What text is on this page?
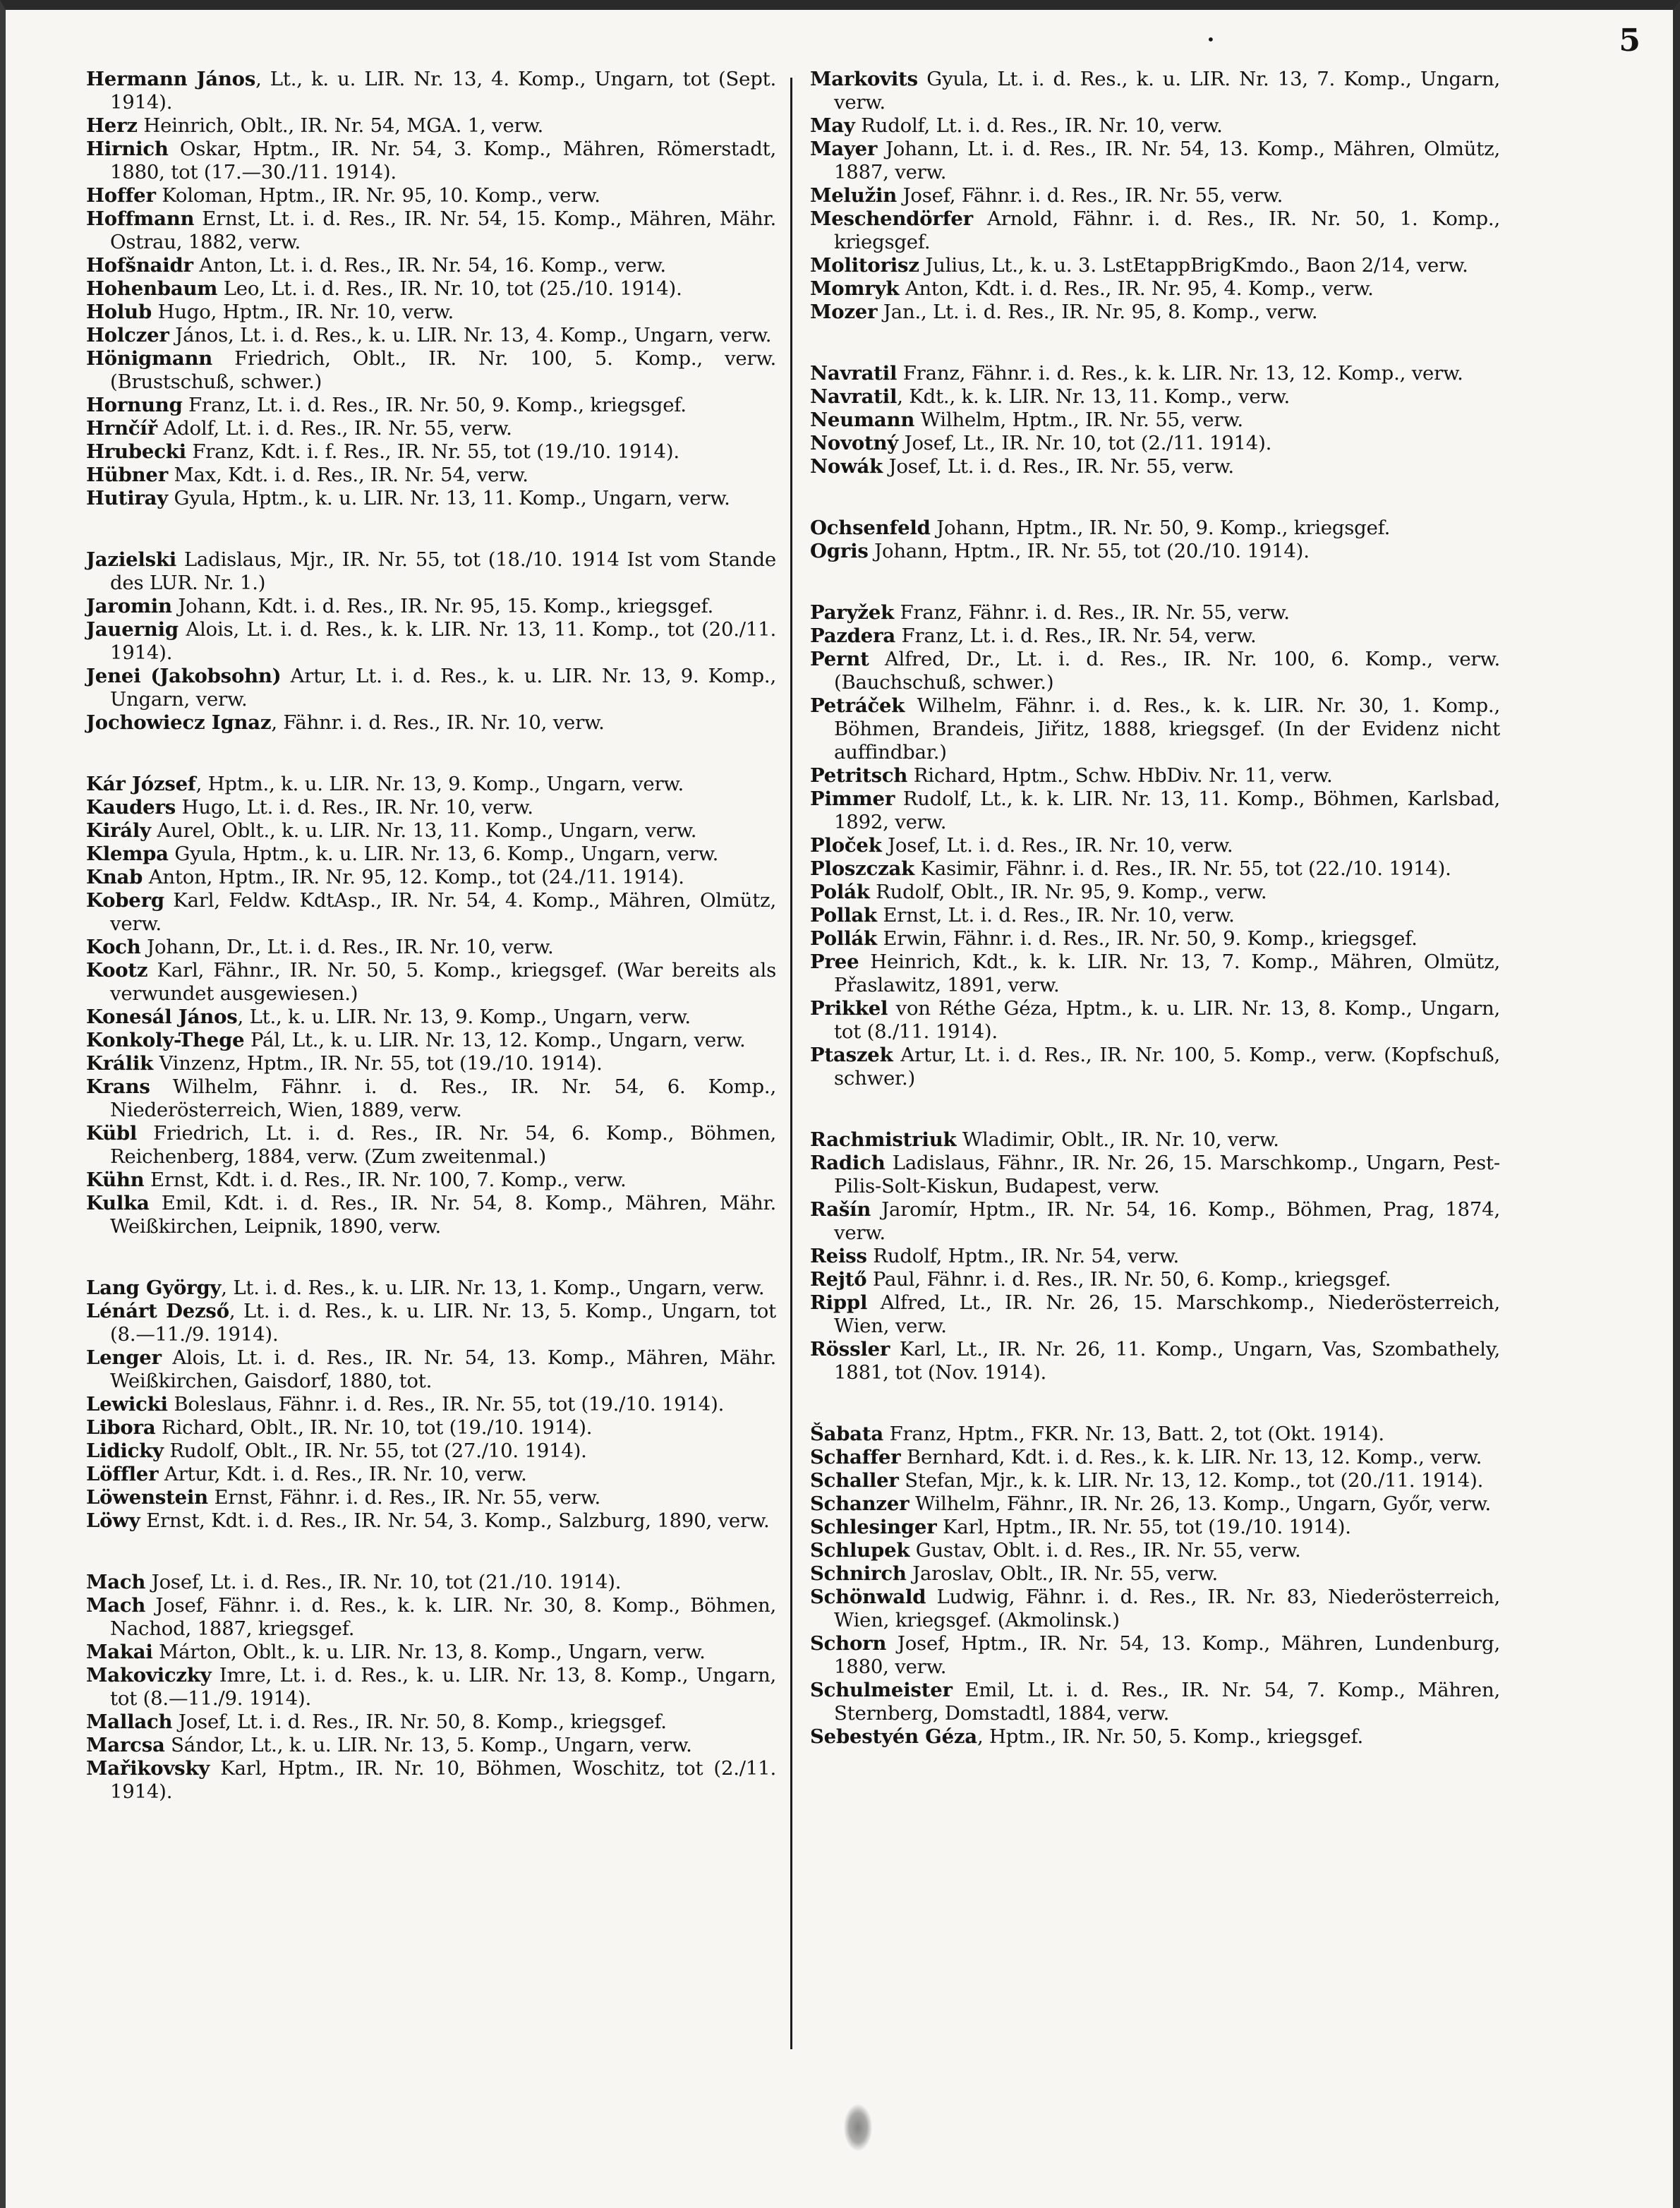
•	5
Hermann János, Lt., k. u. LIR. Nr. 13, 4. Komp., Ungarn, tot (Sept. 1914).
Herz Heinrich, Oblt., IR. Nr. 54, MGA. 1, verw.
Hirnich Oskar, Hptm., IR. Nr. 54, 3. Komp., Mähren, Römerstadt, 1880, tot (17.—30./11. 1914).
Hoffer Koloman, Hptm., IR. Nr. 95, 10. Komp., verw.
Hoffmann Ernst, Lt. i. d. Res., IR. Nr. 54, 15. Komp., Mähren, Mähr. Ostrau, 1882, verw.
Hofšnaidr Anton, Lt. i. d. Res., IR. Nr. 54, 16. Komp., verw.
Hohenbaum Leo, Lt. i. d. Res., IR. Nr. 10, tot (25./10. 1914).
Holub Hugo, Hptm., IR. Nr. 10, verw.
Holczer János, Lt. i. d. Res., k. u. LIR. Nr. 13, 4. Komp., Ungarn, verw.
Hönigmann Friedrich, Oblt., IR. Nr. 100, 5. Komp., verw. (Brustschuß, schwer.)
Hornung Franz, Lt. i. d. Res., IR. Nr. 50, 9. Komp., kriegsgef.
Hrnčíř Adolf, Lt. i. d. Res., IR. Nr. 55, verw.
Hrubecki Franz, Kdt. i. f. Res., IR. Nr. 55, tot (19./10. 1914).
Hübner Max, Kdt. i. d. Res., IR. Nr. 54, verw.
Hutiray Gyula, Hptm., k. u. LIR. Nr. 13, 11. Komp., Ungarn, verw.
Jazielski Ladislaus, Mjr., IR. Nr. 55, tot (18./10. 1914 Ist vom Stande des LUR. Nr. 1.)
Jaromin Johann, Kdt. i. d. Res., IR. Nr. 95, 15. Komp., kriegsgef.
Jauernig Alois, Lt. i. d. Res., k. k. LIR. Nr. 13, 11. Komp., tot (20./11. 1914).
Jenei (Jakobsohn) Artur, Lt. i. d. Res., k. u. LIR. Nr. 13, 9. Komp., Ungarn, verw.
Jochowiecz Ignaz, Fähnr. i. d. Res., IR. Nr. 10, verw.
Kár József, Hptm., k. u. LIR. Nr. 13, 9. Komp., Ungarn, verw.
Kauders Hugo, Lt. i. d. Res., IR. Nr. 10, verw.
Király Aurel, Oblt., k. u. LIR. Nr. 13, 11. Komp., Ungarn, verw.
Klempa Gyula, Hptm., k. u. LIR. Nr. 13, 6. Komp., Ungarn, verw.
Knab Anton, Hptm., IR. Nr. 95, 12. Komp., tot (24./11. 1914).
Koberg Karl, Feldw. KdtAsp., IR. Nr. 54, 4. Komp., Mähren, Olmütz, verw.
Koch Johann, Dr., Lt. i. d. Res., IR. Nr. 10, verw.
Kootz Karl, Fähnr., IR. Nr. 50, 5. Komp., kriegsgef. (War bereits als verwundet ausgewiesen.)
Konesál János, Lt., k. u. LIR. Nr. 13, 9. Komp., Ungarn, verw.
Konkoly-Thege Pál, Lt., k. u. LIR. Nr. 13, 12. Komp., Ungarn, verw.
Králik Vinzenz, Hptm., IR. Nr. 55, tot (19./10. 1914).
Krans Wilhelm, Fähnr. i. d. Res., IR. Nr. 54, 6. Komp., Niederösterreich, Wien, 1889, verw.
Kübl Friedrich, Lt. i. d. Res., IR. Nr. 54, 6. Komp., Böhmen, Reichenberg, 1884, verw. (Zum zweitenmal.)
Kühn Ernst, Kdt. i. d. Res., IR. Nr. 100, 7. Komp., verw.
Kulka Emil, Kdt. i. d. Res., IR. Nr. 54, 8. Komp., Mähren, Mähr. Weißkirchen, Leipnik, 1890, verw.
Lang György, Lt. i. d. Res., k. u. LIR. Nr. 13, 1. Komp., Ungarn, verw.
Lénárt Dezső, Lt. i. d. Res., k. u. LIR. Nr. 13, 5. Komp., Ungarn, tot (8.—11./9. 1914).
Lenger Alois, Lt. i. d. Res., IR. Nr. 54, 13. Komp., Mähren, Mähr. Weißkirchen, Gaisdorf, 1880, tot.
Lewicki Boleslaus, Fähnr. i. d. Res., IR. Nr. 55, tot (19./10. 1914).
Libora Richard, Oblt., IR. Nr. 10, tot (19./10. 1914).
Lidicky Rudolf, Oblt., IR. Nr. 55, tot (27./10. 1914).
Löffler Artur, Kdt. i. d. Res., IR. Nr. 10, verw.
Löwenstein Ernst, Fähnr. i. d. Res., IR. Nr. 55, verw.
Löwy Ernst, Kdt. i. d. Res., IR. Nr. 54, 3. Komp., Salzburg, 1890, verw.
Mach Josef, Lt. i. d. Res., IR. Nr. 10, tot (21./10. 1914).
Mach Josef, Fähnr. i. d. Res., k. k. LIR. Nr. 30, 8. Komp., Böhmen, Nachod, 1887, kriegsgef.
Makai Márton, Oblt., k. u. LIR. Nr. 13, 8. Komp., Ungarn, verw.
Makoviczky Imre, Lt. i. d. Res., k. u. LIR. Nr. 13, 8. Komp., Ungarn, tot (8.—11./9. 1914).
Mallach Josef, Lt. i. d. Res., IR. Nr. 50, 8. Komp., kriegsgef.
Marcsa Sándor, Lt., k. u. LIR. Nr. 13, 5. Komp., Ungarn, verw.
Mařikovsky Karl, Hptm., IR. Nr. 10, Böhmen, Woschitz, tot (2./11. 1914).
Markovits Gyula, Lt. i. d. Res., k. u. LIR. Nr. 13, 7. Komp., Ungarn, verw.
May Rudolf, Lt. i. d. Res., IR. Nr. 10, verw.
Mayer Johann, Lt. i. d. Res., IR. Nr. 54, 13. Komp., Mähren, Olmütz, 1887, verw.
Melužin Josef, Fähnr. i. d. Res., IR. Nr. 55, verw.
Meschendörfer Arnold, Fähnr. i. d. Res., IR. Nr. 50, 1. Komp., kriegsgef.
Molitorisz Julius, Lt., k. u. 3. LstEtappBrigKmdo., Baon 2/14, verw.
Momryk Anton, Kdt. i. d. Res., IR. Nr. 95, 4. Komp., verw.
Mozer Jan., Lt. i. d. Res., IR. Nr. 95, 8. Komp., verw.
Navratil Franz, Fähnr. i. d. Res., k. k. LIR. Nr. 13, 12. Komp., verw.
Navratil, Kdt., k. k. LIR. Nr. 13, 11. Komp., verw.
Neumann Wilhelm, Hptm., IR. Nr. 55, verw.
Novotný Josef, Lt., IR. Nr. 10, tot (2./11. 1914).
Nowák Josef, Lt. i. d. Res., IR. Nr. 55, verw.
Ochsenfeld Johann, Hptm., IR. Nr. 50, 9. Komp., kriegsgef.
Ogris Johann, Hptm., IR. Nr. 55, tot (20./10. 1914).
Paryžek Franz, Fähnr. i. d. Res., IR. Nr. 55, verw.
Pazdera Franz, Lt. i. d. Res., IR. Nr. 54, verw.
Pernt Alfred, Dr., Lt. i. d. Res., IR. Nr. 100, 6. Komp., verw. (Bauchschuß, schwer.)
Petráček Wilhelm, Fähnr. i. d. Res., k. k. LIR. Nr. 30, 1. Komp., Böhmen, Brandeis, Jiřitz, 1888, kriegsgef. (In der Evidenz nicht auffindbar.)
Petritsch Richard, Hptm., Schw. HbDiv. Nr. 11, verw.
Pimmer Rudolf, Lt., k. k. LIR. Nr. 13, 11. Komp., Böhmen, Karlsbad, 1892, verw.
Ploček Josef, Lt. i. d. Res., IR. Nr. 10, verw.
Ploszczak Kasimir, Fähnr. i. d. Res., IR. Nr. 55, tot (22./10. 1914).
Polák Rudolf, Oblt., IR. Nr. 95, 9. Komp., verw.
Pollak Ernst, Lt. i. d. Res., IR. Nr. 10, verw.
Pollák Erwin, Fähnr. i. d. Res., IR. Nr. 50, 9. Komp., kriegsgef.
Pree Heinrich, Kdt., k. k. LIR. Nr. 13, 7. Komp., Mähren, Olmütz, Přaslawitz, 1891, verw.
Prikkel von Réthe Géza, Hptm., k. u. LIR. Nr. 13, 8. Komp., Ungarn, tot (8./11. 1914).
Ptaszek Artur, Lt. i. d. Res., IR. Nr. 100, 5. Komp., verw. (Kopfschuß, schwer.)
Rachmistriuk Wladimir, Oblt., IR. Nr. 10, verw.
Radich Ladislaus, Fähnr., IR. Nr. 26, 15. Marschkomp., Ungarn, Pest-Pilis-Solt-Kiskun, Budapest, verw.
Rašín Jaromír, Hptm., IR. Nr. 54, 16. Komp., Böhmen, Prag, 1874, verw.
Reiss Rudolf, Hptm., IR. Nr. 54, verw.
Rejtő Paul, Fähnr. i. d. Res., IR. Nr. 50, 6. Komp., kriegsgef.
Rippl Alfred, Lt., IR. Nr. 26, 15. Marschkomp., Niederösterreich, Wien, verw.
Rössler Karl, Lt., IR. Nr. 26, 11. Komp., Ungarn, Vas, Szombathely, 1881, tot (Nov. 1914).
Šabata Franz, Hptm., FKR. Nr. 13, Batt. 2, tot (Okt. 1914).
Schaffer Bernhard, Kdt. i. d. Res., k. k. LIR. Nr. 13, 12. Komp., verw.
Schaller Stefan, Mjr., k. k. LIR. Nr. 13, 12. Komp., tot (20./11. 1914).
Schanzer Wilhelm, Fähnr., IR. Nr. 26, 13. Komp., Ungarn, Győr, verw.
Schlesinger Karl, Hptm., IR. Nr. 55, tot (19./10. 1914).
Schlupek Gustav, Oblt. i. d. Res., IR. Nr. 55, verw.
Schnirch Jaroslav, Oblt., IR. Nr. 55, verw.
Schönwald Ludwig, Fähnr. i. d. Res., IR. Nr. 83, Niederösterreich, Wien, kriegsgef. (Akmolinsk.)
Schorn Josef, Hptm., IR. Nr. 54, 13. Komp., Mähren, Lundenburg, 1880, verw.
Schulmeister Emil, Lt. i. d. Res., IR. Nr. 54, 7. Komp., Mähren, Sternberg, Domstadtl, 1884, verw.
Sebestyén Géza, Hptm., IR. Nr. 50, 5. Komp., kriegsgef.
